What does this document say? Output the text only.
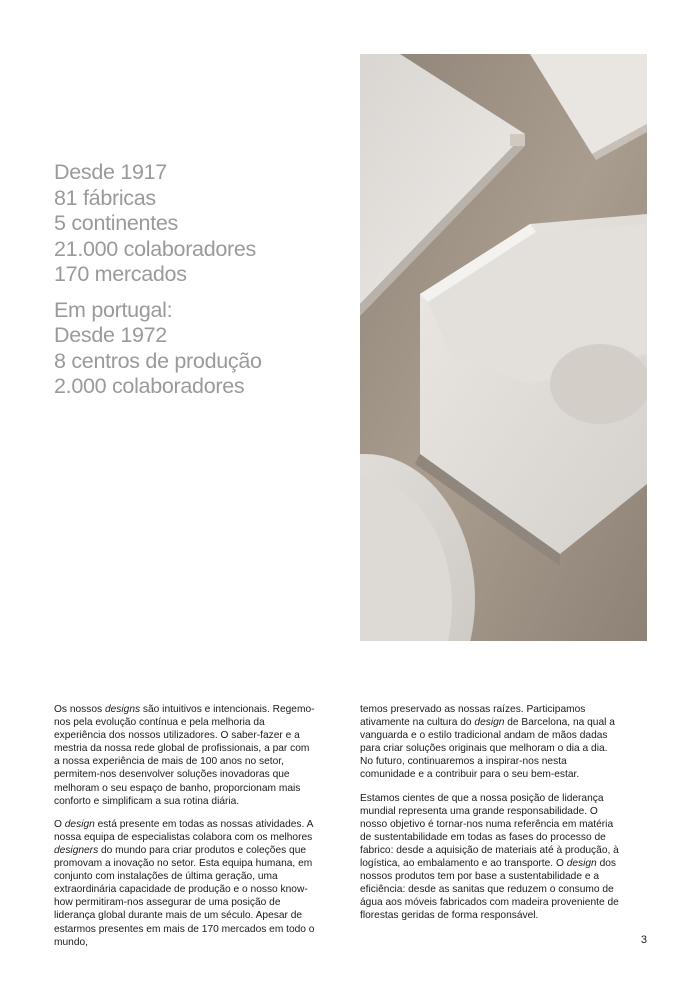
Desde 1917
81 fábricas
5 continentes
21.000 colaboradores
170 mercados
Em portugal:
Desde 1972
8 centros de produção
2.000 colaboradores

Os nossos designs são intuitivos e intencionais. Regemo-nos pela evolução contínua e pela melhoria da experiência dos nossos utilizadores. O saber-fazer e a mestria da nossa rede global de profissionais, a par com a nossa experiência de mais de 100 anos no setor, permitem-nos desenvolver soluções inovadoras que melhoram o seu espaço de banho, proporcionam mais conforto e simplificam a sua rotina diária.

O design está presente em todas as nossas atividades. A nossa equipa de especialistas colabora com os melhores designers do mundo para criar produtos e coleções que promovam a inovação no setor. Esta equipa humana, em conjunto com instalações de última geração, uma extraordinária capacidade de produção e o nosso know-how permitiram-nos assegurar de uma posição de liderança global durante mais de um século. Apesar de estarmos presentes em mais de 170 mercados em todo o mundo,

temos preservado as nossas raízes. Participamos ativamente na cultura do design de Barcelona, na qual a vanguarda e o estilo tradicional andam de mãos dadas para criar soluções originais que melhoram o dia a dia. No futuro, continuaremos a inspirar-nos nesta comunidade e a contribuir para o seu bem-estar.

Estamos cientes de que a nossa posição de liderança mundial representa uma grande responsabilidade. O nosso objetivo é tornar-nos numa referência em matéria de sustentabilidade em todas as fases do processo de fabrico: desde a aquisição de materiais até à produção, à logística, ao embalamento e ao transporte. O design dos nossos produtos tem por base a sustentabilidade e a eficiência: desde as sanitas que reduzem o consumo de água aos móveis fabricados com madeira proveniente de florestas geridas de forma responsável.

3
